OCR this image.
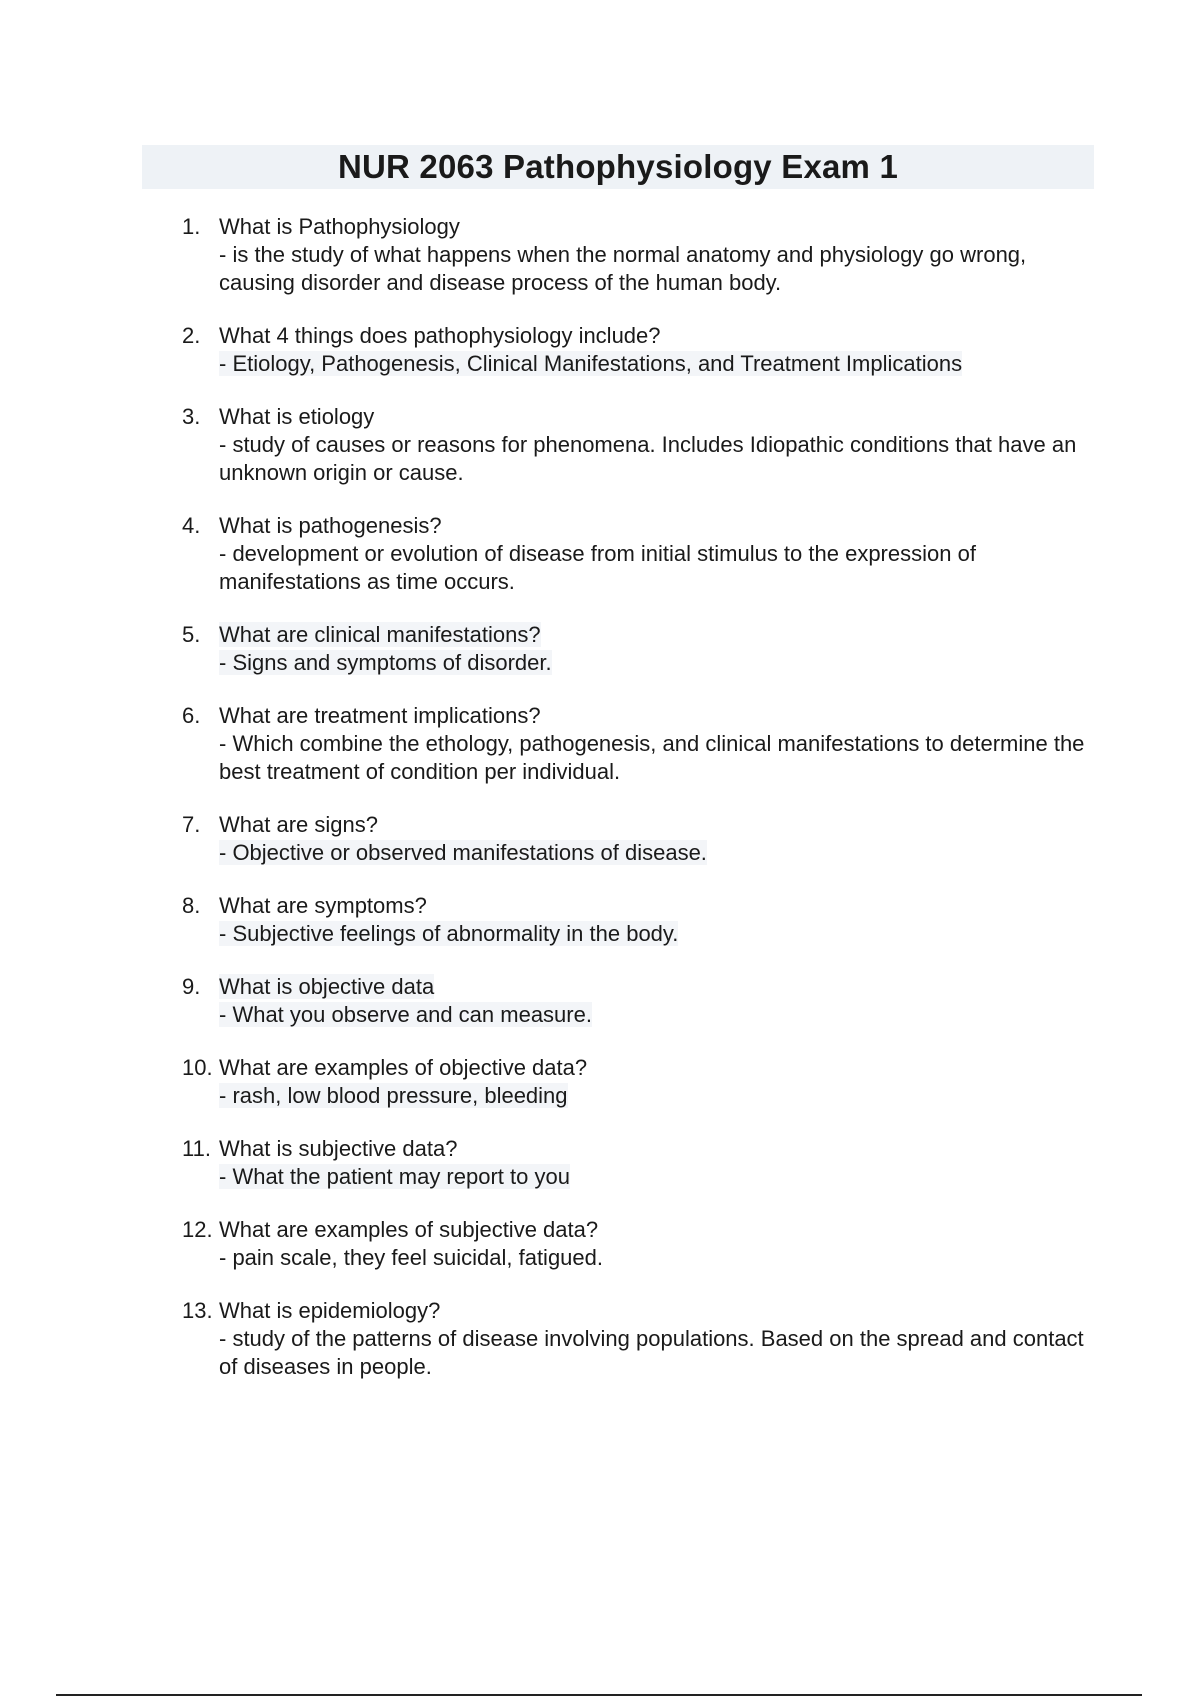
NUR 2063 Pathophysiology Exam 1
1. What is Pathophysiology
- is the study of what happens when the normal anatomy and physiology go wrong, causing disorder and disease process of the human body.
2. What 4 things does pathophysiology include?
- Etiology, Pathogenesis, Clinical Manifestations, and Treatment Implications
3. What is etiology
- study of causes or reasons for phenomena. Includes Idiopathic conditions that have an unknown origin or cause.
4. What is pathogenesis?
- development or evolution of disease from initial stimulus to the expression of manifestations as time occurs.
5. What are clinical manifestations?
- Signs and symptoms of disorder.
6. What are treatment implications?
- Which combine the ethology, pathogenesis, and clinical manifestations to determine the best treatment of condition per individual.
7. What are signs?
- Objective or observed manifestations of disease.
8. What are symptoms?
- Subjective feelings of abnormality in the body.
9. What is objective data
- What you observe and can measure.
10. What are examples of objective data?
- rash, low blood pressure, bleeding
11. What is subjective data?
- What the patient may report to you
12. What are examples of subjective data?
- pain scale, they feel suicidal, fatigued.
13. What is epidemiology?
- study of the patterns of disease involving populations. Based on the spread and contact of diseases in people.
